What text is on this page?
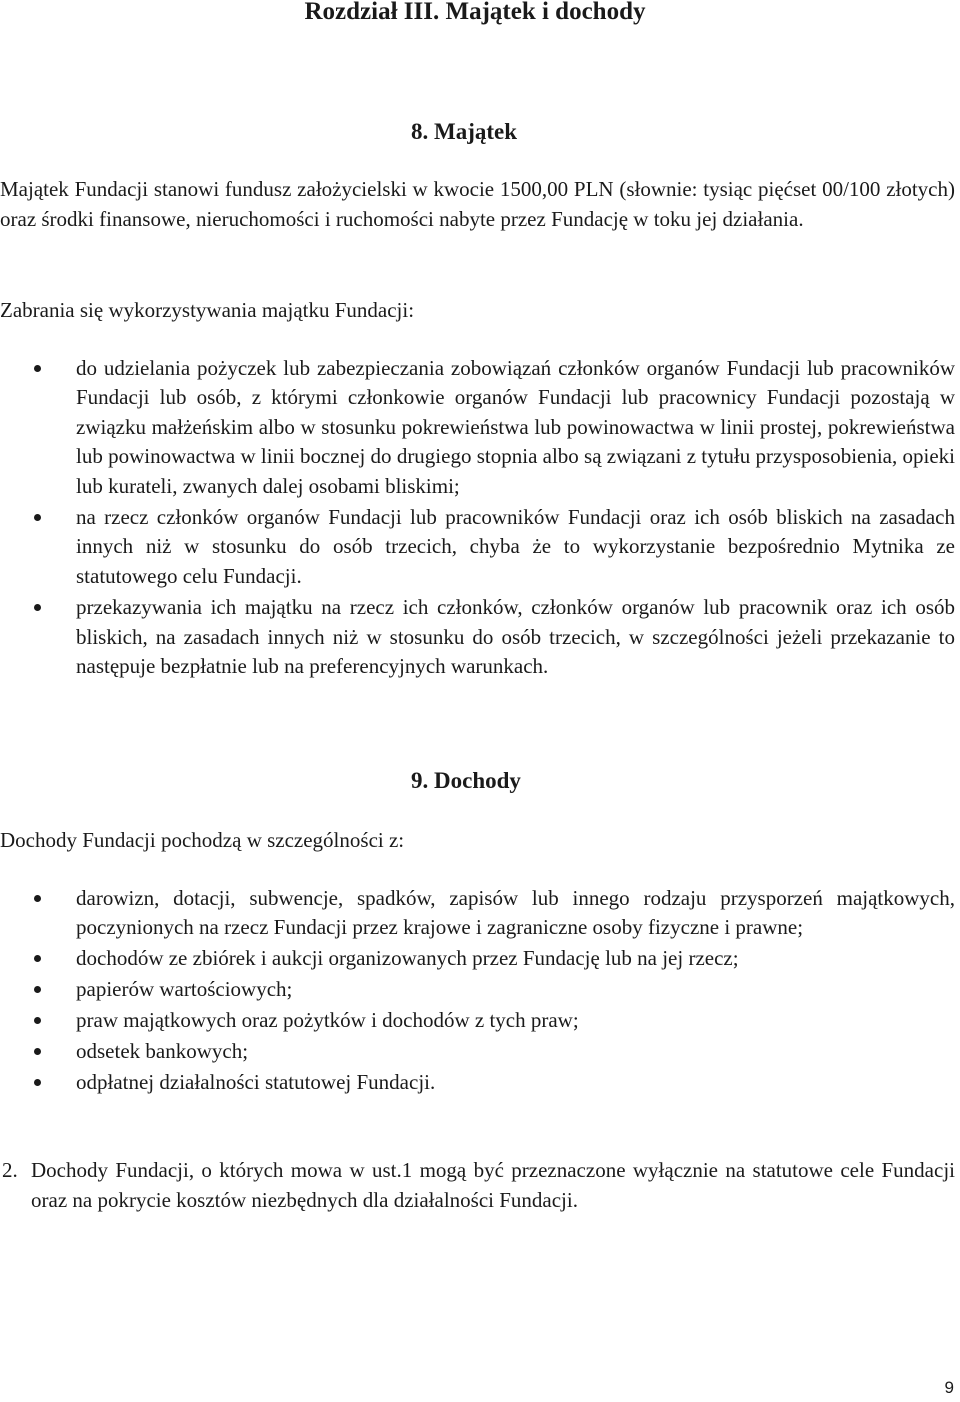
Rozdział III. Majątek i dochody
8. Majątek

Majątek Fundacji stanowi fundusz założycielski w kwocie 1500,00 PLN (słownie: tysiąc pięćset 00/100 złotych) oraz środki finansowe, nieruchomości i ruchomości nabyte przez Fundację w toku jej działania.

Zabrania się wykorzystywania majątku Fundacji:

do udzielania pożyczek lub zabezpieczania zobowiązań członków organów Fundacji lub pracowników Fundacji lub osób, z którymi członkowie organów Fundacji lub pracownicy Fundacji pozostają w związku małżeńskim albo w stosunku pokrewieństwa lub powinowactwa w linii prostej, pokrewieństwa lub powinowactwa w linii bocznej do drugiego stopnia albo są związani z tytułu przysposobienia, opieki lub kurateli, zwanych dalej osobami bliskimi;
na rzecz członków organów Fundacji lub pracowników Fundacji oraz ich osób bliskich na zasadach innych niż w stosunku do osób trzecich, chyba że to wykorzystanie bezpośrednio Mytnika ze statutowego celu Fundacji.
przekazywania ich majątku na rzecz ich członków, członków organów lub pracownik oraz ich osób bliskich, na zasadach innych niż w stosunku do osób trzecich, w szczególności jeżeli przekazanie to następuje bezpłatnie lub na preferencyjnych warunkach.
9. Dochody

Dochody Fundacji pochodzą w szczególności z:

darowizn, dotacji, subwencje, spadków, zapisów lub innego rodzaju przysporzeń majątkowych, poczynionych na rzecz Fundacji przez krajowe i zagraniczne osoby fizyczne i prawne;
dochodów ze zbiórek i aukcji organizowanych przez Fundację lub na jej rzecz;
papierów wartościowych;
praw majątkowych oraz pożytków i dochodów z tych praw;
odsetek bankowych;
odpłatnej działalności statutowej Fundacji.

2. Dochody Fundacji, o których mowa w ust.1 mogą być przeznaczone wyłącznie na statutowe cele Fundacji oraz na pokrycie kosztów niezbędnych dla działalności Fundacji.

9
